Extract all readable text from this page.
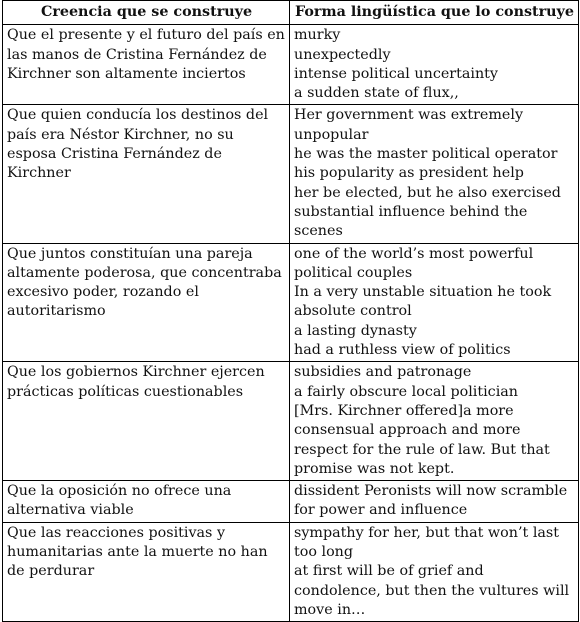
Creencia que se construye	Forma lingüística que lo construye
Que el presente y el futuro del país en las manos de Cristina Fernández de Kirchner son altamente inciertos	murky
unexpectedly
intense political uncertainty
a sudden state of flux,,
Que quien conducía los destinos del país era Néstor Kirchner, no su esposa Cristina Fernández de Kirchner	Her government was extremely unpopular
he was the master political operator
his popularity as president help
her be elected, but he also exercised substantial influence behind the scenes
Que juntos constituían una pareja altamente poderosa, que concentraba excesivo poder, rozando el autoritarismo	one of the world’s most powerful political couples
In a very unstable situation he took absolute control
a lasting dynasty
had a ruthless view of politics
Que los gobiernos Kirchner ejercen prácticas políticas cuestionables	subsidies and patronage
a fairly obscure local politician
[Mrs. Kirchner offered]a more consensual approach and more respect for the rule of law. But that promise was not kept.
Que la oposición no ofrece una alternativa viable	dissident Peronists will now scramble for power and influence
Que las reacciones positivas y humanitarias ante la muerte no han de perdurar	sympathy for her, but that won’t last too long
at first will be of grief and condolence, but then the vultures will move in…
